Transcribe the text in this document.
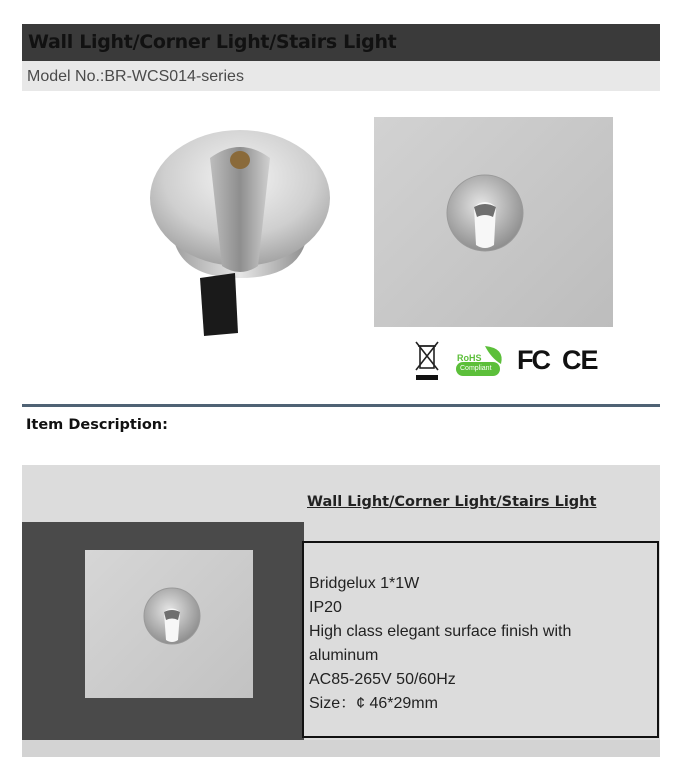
Wall Light/Corner Light/Stairs Light
Model No.:BR-WCS014-series
RoHS
Compliant FC CE
Item Description:
Wall Light/Corner Light/Stairs Light
Bridgelux 1*1W
IP20
High class elegant surface finish with aluminum
AC85-265V 50/60Hz
Size：¢ 46*29mm
